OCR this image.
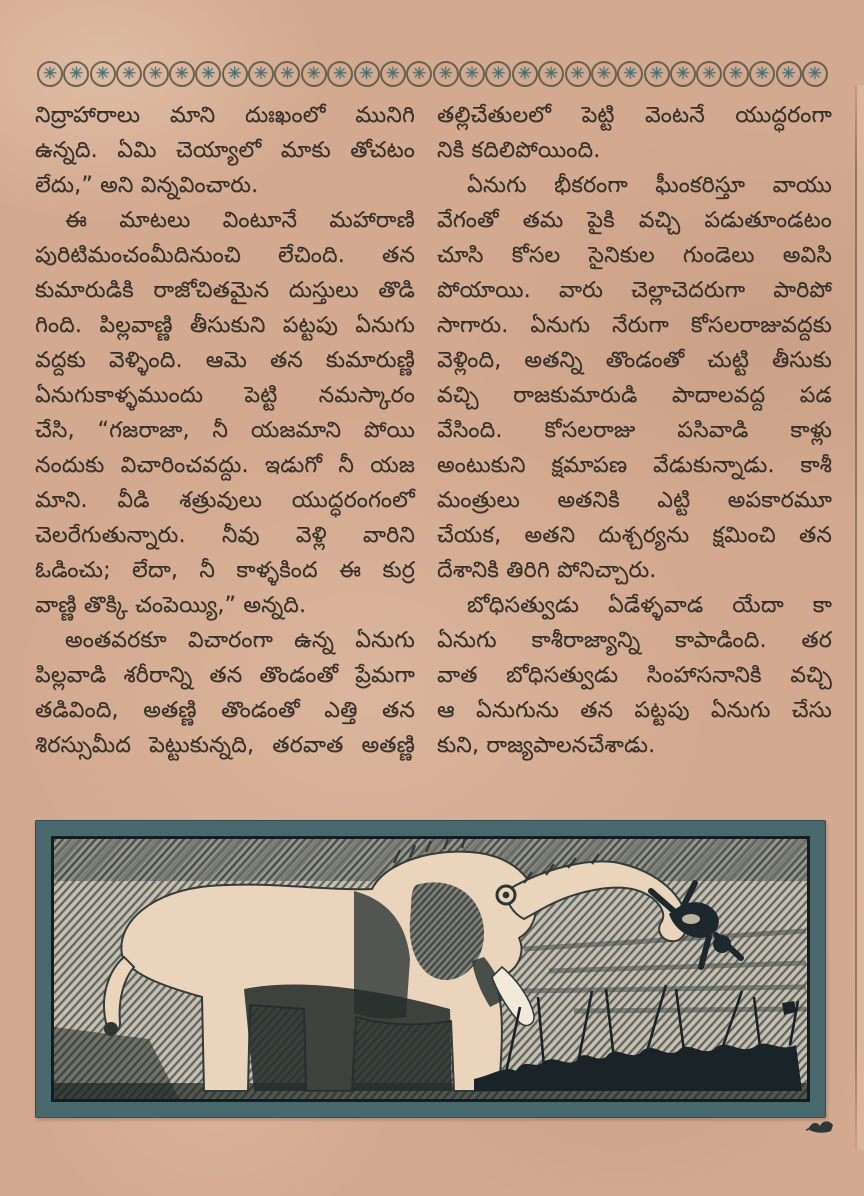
✳ ✳ ✳ ✳ ✳ ✳ ✳ ✳ ✳ ✳ ✳ ✳ ✳ ✳ ✳ ✳ ✳ ✳ ✳ ✳ ✳ ✳ ✳ ✳ ✳ ✳ ✳ ✳ ✳ ✳
నిద్రాహారాలు మాని దుఃఖంలో మునిగి
ఉన్నది. ఏమి చెయ్యాలో మాకు తోచటం
లేదు,” అని విన్నవించారు.
ఈ మాటలు వింటూనే మహారాణి
పురిటిమంచంమీదినుంచి లేచింది. తన
కుమారుడికి రాజోచితమైన దుస్తులు తొడి
గింది. పిల్లవాణ్ణి తీసుకుని పట్టపు ఏనుగు
వద్దకు వెళ్ళింది. ఆమె తన కుమారుణ్ణి
ఏనుగుకాళ్ళముందు పెట్టి నమస్కారం
చేసి, “గజరాజా, నీ యజమాని పోయి
నందుకు విచారించవద్దు. ఇడుగో నీ యజ
మాని. వీడి శత్రువులు యుద్ధరంగంలో
చెలరేగుతున్నారు. నీవు వెళ్లి వారిని
ఓడించు; లేదా, నీ కాళ్ళకింద ఈ కుర్ర
వాణ్ణి తొక్కి చంపెయ్యి,” అన్నది.
అంతవరకూ విచారంగా ఉన్న ఏనుగు
పిల్లవాడి శరీరాన్ని తన తొండంతో ప్రేమగా
తడివింది, అతణ్ణి తొండంతో ఎత్తి తన
శిరస్సుమీద పెట్టుకున్నది, తరవాత అతణ్ణి
తల్లిచేతులలో పెట్టి వెంటనే యుద్ధరంగా
నికి కదిలిపోయింది.
ఏనుగు భీకరంగా ఘీంకరిస్తూ వాయు
వేగంతో తమ పైకి వచ్చి పడుతూండటం
చూసి కోసల సైనికుల గుండెలు అవిసి
పోయాయి. వారు చెల్లాచెదరుగా పారిపో
సాగారు. ఏనుగు నేరుగా కోసలరాజువద్దకు
వెళ్లింది, అతన్ని తొండంతో చుట్టి తీసుకు
వచ్చి రాజకుమారుడి పాదాలవద్ద పడ
వేసింది. కోసలరాజు పసివాడి కాళ్లు
అంటుకుని క్షమాపణ వేడుకున్నాడు. కాశీ
మంత్రులు అతనికి ఎట్టి అపకారమూ
చేయక, అతని దుశ్చర్యను క్షమించి తన
దేశానికి తిరిగి పోనిచ్చారు.
బోధిసత్వుడు ఏడేళ్ళవాడ యేదా కా
ఏనుగు కాశీరాజ్యాన్ని కాపాడింది. తర
వాత బోధిసత్వుడు సింహాసనానికి వచ్చి
ఆ ఏనుగును తన పట్టపు ఏనుగు చేసు
కుని, రాజ్యపాలనచేశాడు.
